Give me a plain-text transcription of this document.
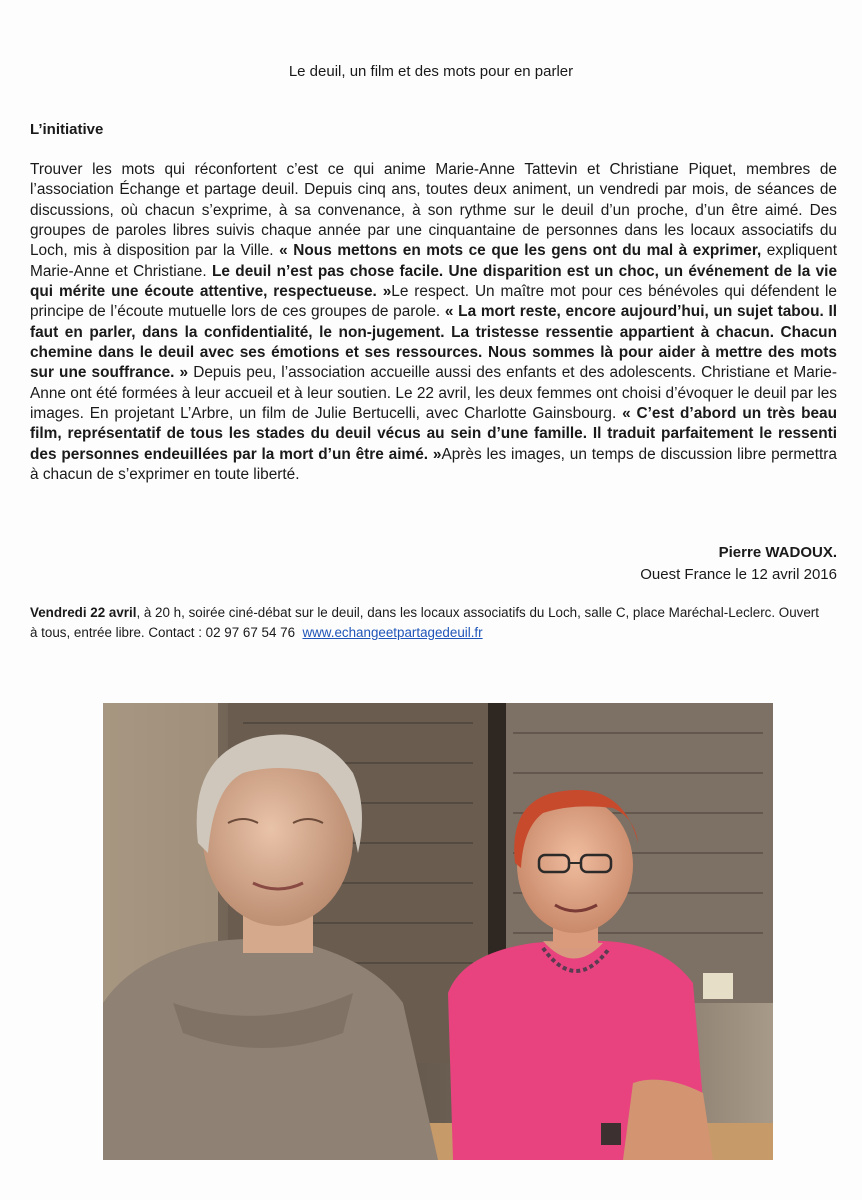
Le deuil, un film et des mots pour en parler
L’initiative

Trouver les mots qui réconfortent c’est ce qui anime Marie-Anne Tattevin et Christiane Piquet, membres de l’association Échange et partage deuil. Depuis cinq ans, toutes deux animent, un vendredi par mois, de séances de discussions, où chacun s’exprime, à sa convenance, à son rythme sur le deuil d’un proche, d’un être aimé. Des groupes de paroles libres suivis chaque année par une cinquantaine de personnes dans les locaux associatifs du Loch, mis à disposition par la Ville. « Nous mettons en mots ce que les gens ont du mal à exprimer, expliquent Marie-Anne et Christiane. Le deuil n’est pas chose facile. Une disparition est un choc, un événement de la vie qui mérite une écoute attentive, respectueuse. »Le respect. Un maître mot pour ces bénévoles qui défendent le principe de l’écoute mutuelle lors de ces groupes de parole. « La mort reste, encore aujourd’hui, un sujet tabou. Il faut en parler, dans la confidentialité, le non-jugement. La tristesse ressentie appartient à chacun. Chacun chemine dans le deuil avec ses émotions et ses ressources. Nous sommes là pour aider à mettre des mots sur une souffrance. » Depuis peu, l’association accueille aussi des enfants et des adolescents. Christiane et Marie-Anne ont été formées à leur accueil et à leur soutien. Le 22 avril, les deux femmes ont choisi d’évoquer le deuil par les images. En projetant L’Arbre, un film de Julie Bertucelli, avec Charlotte Gainsbourg. « C’est d’abord un très beau film, représentatif de tous les stades du deuil vécus au sein d’une famille. Il traduit parfaitement le ressenti des personnes endeuillées par la mort d’un être aimé. »Après les images, un temps de discussion libre permettra à chacun de s’exprimer en toute liberté.

Pierre WADOUX.
Ouest France le 12 avril 2016

Vendredi 22 avril, à 20 h, soirée ciné-débat sur le deuil, dans les locaux associatifs du Loch, salle C, place Maréchal-Leclerc. Ouvert à tous, entrée libre. Contact : 02 97 67 54 76 www.echangeetpartagedeuil.fr
